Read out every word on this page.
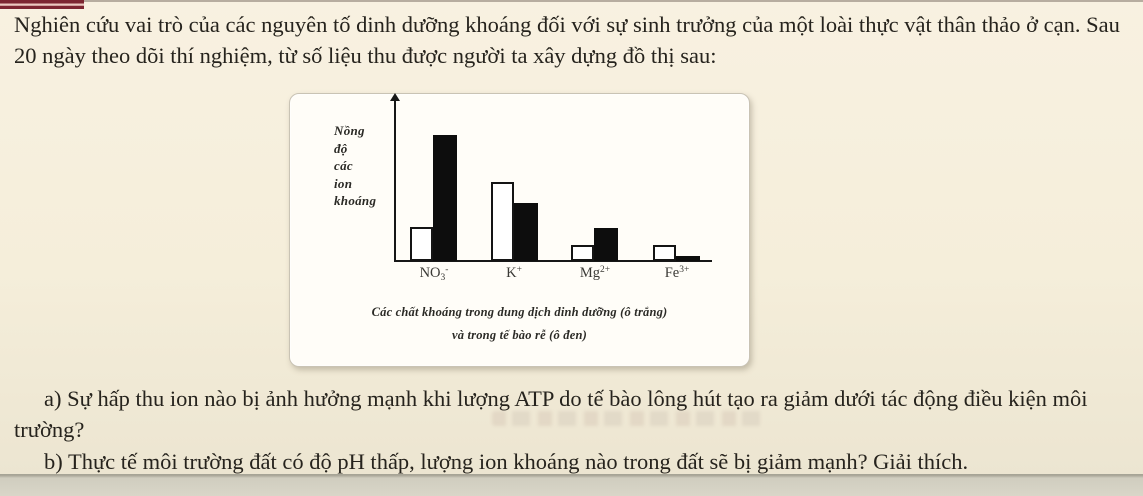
Nghiên cứu vai trò của các nguyên tố dinh dưỡng khoáng đối với sự sinh trưởng của một loài thực vật thân thảo ở cạn. Sau 20 ngày theo dõi thí nghiệm, từ số liệu thu được người ta xây dựng đồ thị sau:

Nồng
độ
các
ion
khoáng
$NO_3^-$	K+	$Mg^{2+}$	$Fe^{3+}$
Các chất khoáng trong dung dịch dinh dưỡng (ô trắng)
và trong tế bào rễ (ô đen)

a) Sự hấp thu ion nào bị ảnh hưởng mạnh khi lượng ATP do tế bào lông hút tạo ra giảm dưới tác động điều kiện môi trường?

b) Thực tế môi trường đất có độ pH thấp, lượng ion khoáng nào trong đất sẽ bị giảm mạnh? Giải thích.
